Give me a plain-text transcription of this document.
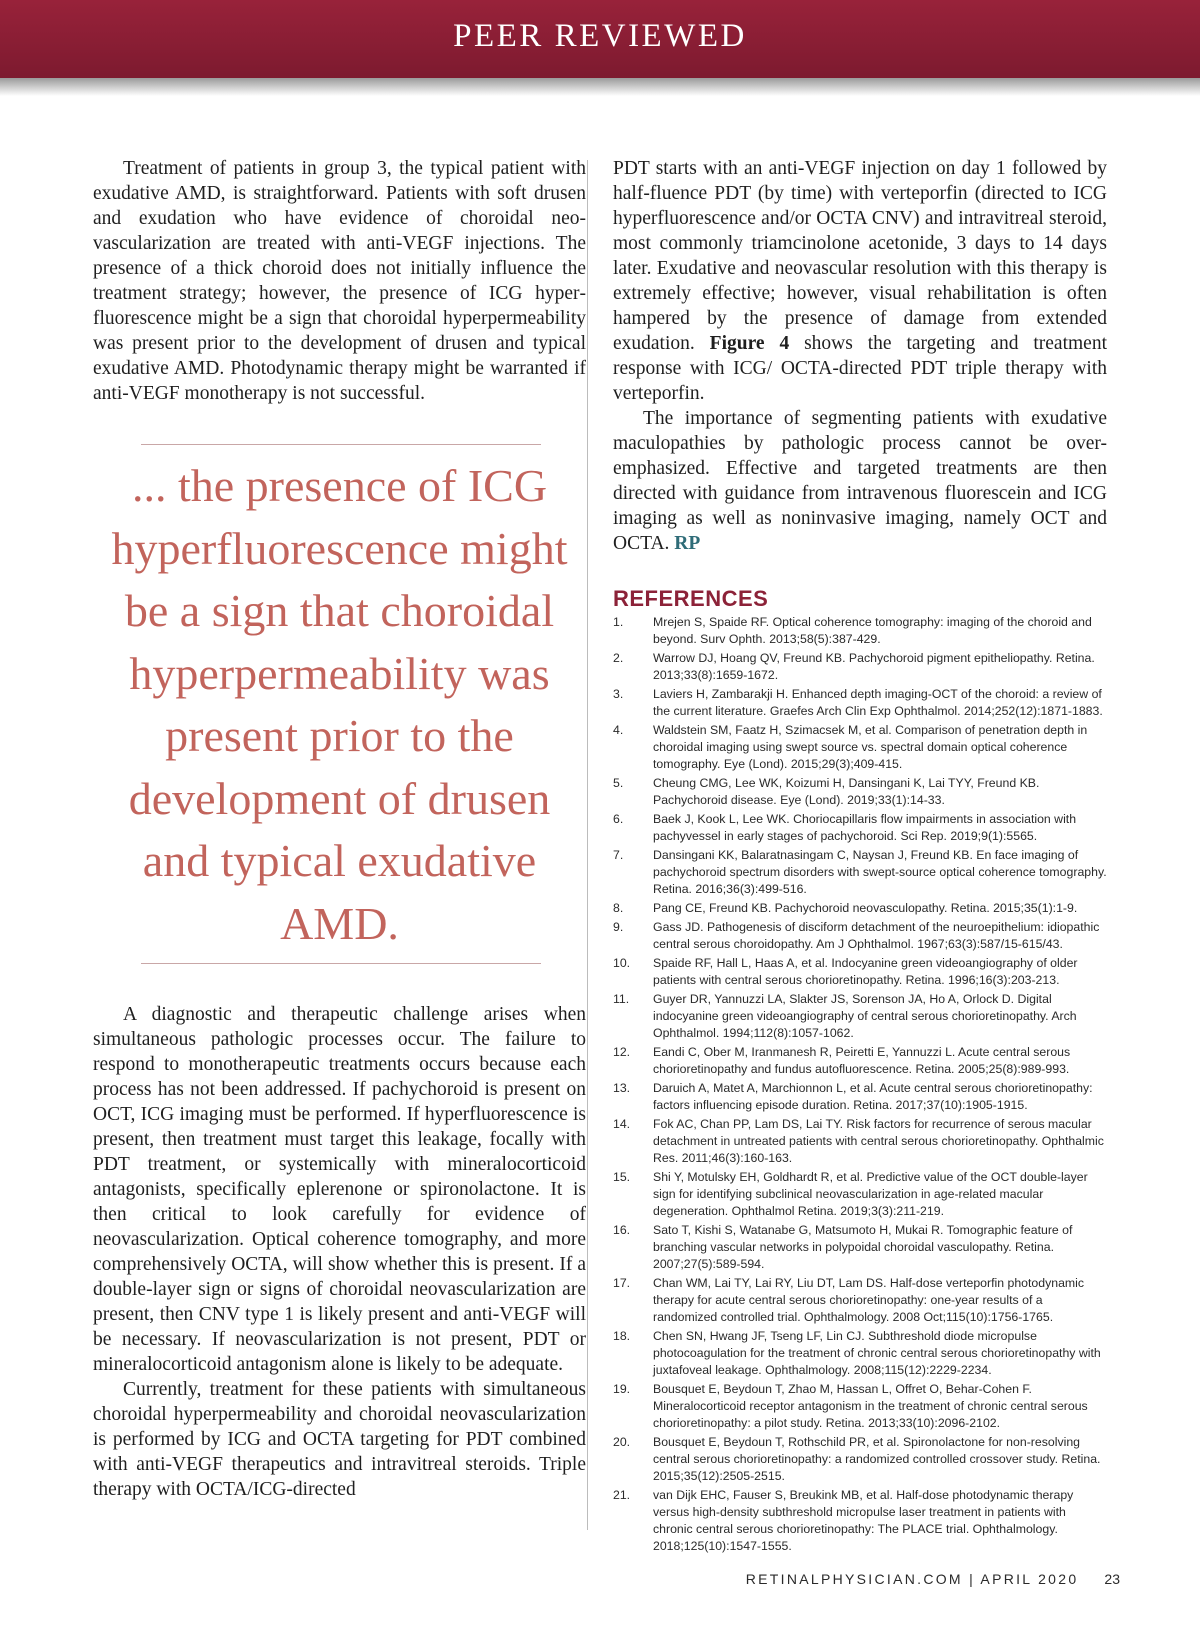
PEER REVIEWED

Treatment of patients in group 3, the typical patient with exudative AMD, is straightforward. Patients with soft drusen and exudation who have evidence of choroidal neovascularization are treated with anti-VEGF injections. The presence of a thick choroid does not initially influence the treatment strategy; however, the presence of ICG hyperfluorescence might be a sign that choroidal hyperpermeability was present prior to the development of drusen and typical exudative AMD. Photodynamic therapy might be warranted if anti-VEGF monotherapy is not successful.

... the presence of ICG hyperfluorescence might be a sign that choroidal hyperpermeability was present prior to the development of drusen and typical exudative AMD.

A diagnostic and therapeutic challenge arises when simultaneous pathologic processes occur. The failure to respond to monotherapeutic treatments occurs because each process has not been addressed. If pachychoroid is present on OCT, ICG imaging must be performed. If hyperfluorescence is present, then treatment must target this leakage, focally with PDT treatment, or systemically with mineralocorticoid antagonists, specifically eplerenone or spironolactone. It is then critical to look carefully for evidence of neovascularization. Optical coherence tomography, and more comprehensively OCTA, will show whether this is present. If a double-layer sign or signs of choroidal neovascularization are present, then CNV type 1 is likely present and anti-VEGF will be necessary. If neovascularization is not present, PDT or mineralocorticoid antagonism alone is likely to be adequate.

Currently, treatment for these patients with simultaneous choroidal hyperpermeability and choroidal neovascularization is performed by ICG and OCTA targeting for PDT combined with anti-VEGF therapeutics and intravitreal steroids. Triple therapy with OCTA/ICG-directed

PDT starts with an anti-VEGF injection on day 1 followed by half-fluence PDT (by time) with verteporfin (directed to ICG hyperfluorescence and/or OCTA CNV) and intravitreal steroid, most commonly triamcinolone acetonide, 3 days to 14 days later. Exudative and neovascular resolution with this therapy is extremely effective; however, visual rehabilitation is often hampered by the presence of damage from extended exudation. Figure 4 shows the targeting and treatment response with ICG/ OCTA-directed PDT triple therapy with verteporfin.

The importance of segmenting patients with exudative maculopathies by pathologic process cannot be over-emphasized. Effective and targeted treatments are then directed with guidance from intravenous fluorescein and ICG imaging as well as noninvasive imaging, namely OCT and OCTA. RP

REFERENCES
1. Mrejen S, Spaide RF. Optical coherence tomography: imaging of the choroid and beyond. Surv Ophth. 2013;58(5):387-429.
2. Warrow DJ, Hoang QV, Freund KB. Pachychoroid pigment epitheliopathy. Retina. 2013;33(8):1659-1672.
3. Laviers H, Zambarakji H. Enhanced depth imaging-OCT of the choroid: a review of the current literature. Graefes Arch Clin Exp Ophthalmol. 2014;252(12):1871-1883.
4. Waldstein SM, Faatz H, Szimacsek M, et al. Comparison of penetration depth in choroidal imaging using swept source vs. spectral domain optical coherence tomography. Eye (Lond). 2015;29(3);409-415.
5. Cheung CMG, Lee WK, Koizumi H, Dansingani K, Lai TYY, Freund KB. Pachychoroid disease. Eye (Lond). 2019;33(1):14-33.
6. Baek J, Kook L, Lee WK. Choriocapillaris flow impairments in association with pachyvessel in early stages of pachychoroid. Sci Rep. 2019;9(1):5565.
7. Dansingani KK, Balaratnasingam C, Naysan J, Freund KB. En face imaging of pachychoroid spectrum disorders with swept-source optical coherence tomography. Retina. 2016;36(3):499-516.
8. Pang CE, Freund KB. Pachychoroid neovasculopathy. Retina. 2015;35(1):1-9.
9. Gass JD. Pathogenesis of disciform detachment of the neuroepithelium: idiopathic central serous choroidopathy. Am J Ophthalmol. 1967;63(3):587/15-615/43.
10. Spaide RF, Hall L, Haas A, et al. Indocyanine green videoangiography of older patients with central serous chorioretinopathy. Retina. 1996;16(3):203-213.
11. Guyer DR, Yannuzzi LA, Slakter JS, Sorenson JA, Ho A, Orlock D. Digital indocyanine green videoangiography of central serous chorioretinopathy. Arch Ophthalmol. 1994;112(8):1057-1062.
12. Eandi C, Ober M, Iranmanesh R, Peiretti E, Yannuzzi L. Acute central serous chorioretinopathy and fundus autofluorescence. Retina. 2005;25(8):989-993.
13. Daruich A, Matet A, Marchionnon L, et al. Acute central serous chorioretinopathy: factors influencing episode duration. Retina. 2017;37(10):1905-1915.
14. Fok AC, Chan PP, Lam DS, Lai TY. Risk factors for recurrence of serous macular detachment in untreated patients with central serous chorioretinopathy. Ophthalmic Res. 2011;46(3):160-163.
15. Shi Y, Motulsky EH, Goldhardt R, et al. Predictive value of the OCT double-layer sign for identifying subclinical neovascularization in age-related macular degeneration. Ophthalmol Retina. 2019;3(3):211-219.
16. Sato T, Kishi S, Watanabe G, Matsumoto H, Mukai R. Tomographic feature of branching vascular networks in polypoidal choroidal vasculopathy. Retina. 2007;27(5):589-594.
17. Chan WM, Lai TY, Lai RY, Liu DT, Lam DS. Half-dose verteporfin photodynamic therapy for acute central serous chorioretinopathy: one-year results of a randomized controlled trial. Ophthalmology. 2008 Oct;115(10):1756-1765.
18. Chen SN, Hwang JF, Tseng LF, Lin CJ. Subthreshold diode micropulse photocoagulation for the treatment of chronic central serous chorioretinopathy with juxtafoveal leakage. Ophthalmology. 2008;115(12):2229-2234.
19. Bousquet E, Beydoun T, Zhao M, Hassan L, Offret O, Behar-Cohen F. Mineralocorticoid receptor antagonism in the treatment of chronic central serous chorioretinopathy: a pilot study. Retina. 2013;33(10):2096-2102.
20. Bousquet E, Beydoun T, Rothschild PR, et al. Spironolactone for non-resolving central serous chorioretinopathy: a randomized controlled crossover study. Retina. 2015;35(12):2505-2515.
21. van Dijk EHC, Fauser S, Breukink MB, et al. Half-dose photodynamic therapy versus high-density subthreshold micropulse laser treatment in patients with chronic central serous chorioretinopathy: The PLACE trial. Ophthalmology. 2018;125(10):1547-1555.
RETINALPHYSICIAN.COM | APRIL 2020 23
